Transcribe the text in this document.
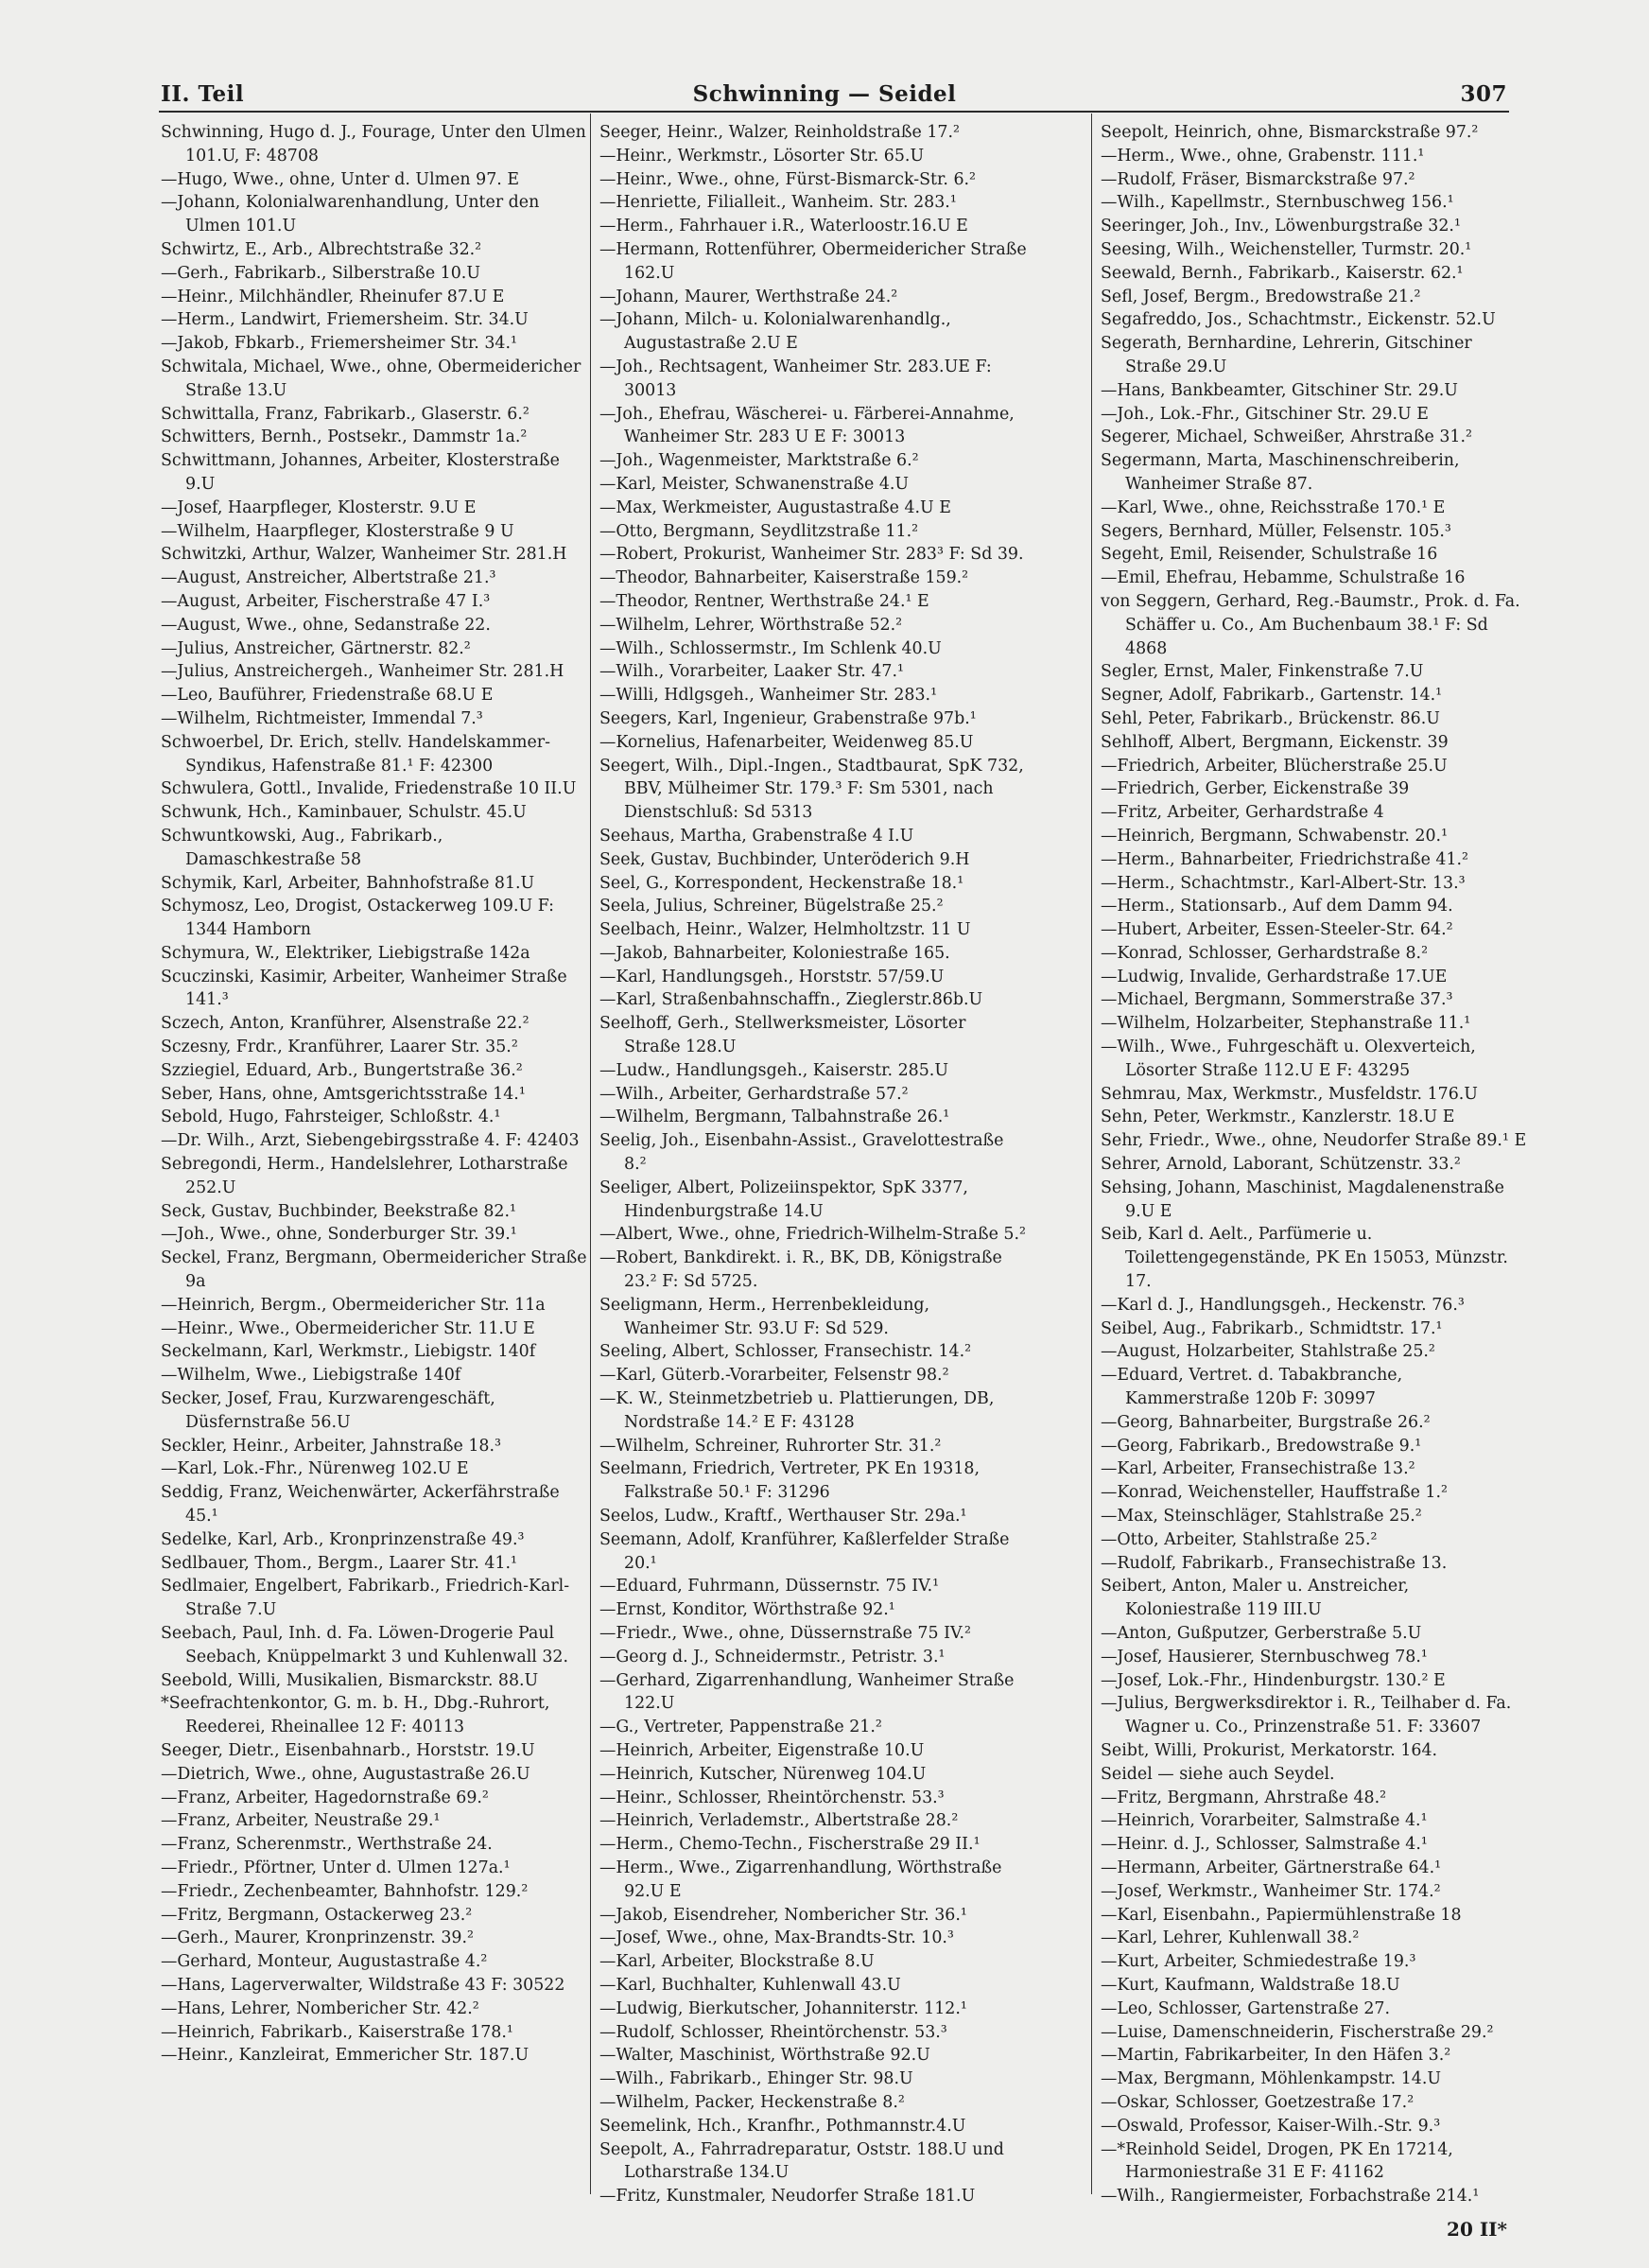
II. Teil	Schwinning — Seidel	307
Schwinning, Hugo d. J., Fourage, Unter den Ulmen 101.U, F: 48708
—Hugo, Wwe., ohne, Unter d. Ulmen 97. E
—Johann, Kolonialwarenhandlung, Unter den Ulmen 101.U
Schwirtz, E., Arb., Albrechtstraße 32.²
—Gerh., Fabrikarb., Silberstraße 10.U
—Heinr., Milchhändler, Rheinufer 87.U E
—Herm., Landwirt, Friemersheim. Str. 34.U
—Jakob, Fbkarb., Friemersheimer Str. 34.¹
Schwitala, Michael, Wwe., ohne, Obermeidericher Straße 13.U
Schwittalla, Franz, Fabrikarb., Glaserstr. 6.²
Schwitters, Bernh., Postsekr., Dammstr 1a.²
Schwittmann, Johannes, Arbeiter, Klosterstraße 9.U
—Josef, Haarpfleger, Klosterstr. 9.U E
—Wilhelm, Haarpfleger, Klosterstraße 9 U
Schwitzki, Arthur, Walzer, Wanheimer Str. 281.H
—August, Anstreicher, Albertstraße 21.³
—August, Arbeiter, Fischerstraße 47 I.³
—August, Wwe., ohne, Sedanstraße 22.
—Julius, Anstreicher, Gärtnerstr. 82.²
—Julius, Anstreichergeh., Wanheimer Str. 281.H
—Leo, Bauführer, Friedenstraße 68.U E
—Wilhelm, Richtmeister, Immendal 7.³
Schwoerbel, Dr. Erich, stellv. Handelskammer-Syndikus, Hafenstraße 81.¹ F: 42300
Schwulera, Gottl., Invalide, Friedenstraße 10 II.U
Schwunk, Hch., Kaminbauer, Schulstr. 45.U
Schwuntkowski, Aug., Fabrikarb., Damaschkestraße 58
Schymik, Karl, Arbeiter, Bahnhofstraße 81.U
Schymosz, Leo, Drogist, Ostackerweg 109.U F: 1344 Hamborn
Schymura, W., Elektriker, Liebigstraße 142a
Scuczinski, Kasimir, Arbeiter, Wanheimer Straße 141.³
Sczech, Anton, Kranführer, Alsenstraße 22.²
Sczesny, Frdr., Kranführer, Laarer Str. 35.²
Szziegiel, Eduard, Arb., Bungertstraße 36.²
Seber, Hans, ohne, Amtsgerichtsstraße 14.¹
Sebold, Hugo, Fahrsteiger, Schloßstr. 4.¹
—Dr. Wilh., Arzt, Siebengebirgsstraße 4. F: 42403
Sebregondi, Herm., Handelslehrer, Lotharstraße 252.U
Seck, Gustav, Buchbinder, Beekstraße 82.¹
—Joh., Wwe., ohne, Sonderburger Str. 39.¹
Seckel, Franz, Bergmann, Obermeidericher Straße 9a
—Heinrich, Bergm., Obermeidericher Str. 11a
—Heinr., Wwe., Obermeidericher Str. 11.U E
Seckelmann, Karl, Werkmstr., Liebigstr. 140f
—Wilhelm, Wwe., Liebigstraße 140f
Secker, Josef, Frau, Kurzwarengeschäft, Düsfernstraße 56.U
Seckler, Heinr., Arbeiter, Jahnstraße 18.³
—Karl, Lok.-Fhr., Nürenweg 102.U E
Seddig, Franz, Weichenwärter, Ackerfährstraße 45.¹
Sedelke, Karl, Arb., Kronprinzenstraße 49.³
Sedlbauer, Thom., Bergm., Laarer Str. 41.¹
Sedlmaier, Engelbert, Fabrikarb., Friedrich-Karl-Straße 7.U
Seebach, Paul, Inh. d. Fa. Löwen-Drogerie Paul Seebach, Knüppelmarkt 3 und Kuhlenwall 32.
Seebold, Willi, Musikalien, Bismarckstr. 88.U
*Seefrachtenkontor, G. m. b. H., Dbg.-Ruhrort, Reederei, Rheinallee 12 F: 40113
Seeger, Dietr., Eisenbahnarb., Horststr. 19.U
—Dietrich, Wwe., ohne, Augustastraße 26.U
—Franz, Arbeiter, Hagedornstraße 69.²
—Franz, Arbeiter, Neustraße 29.¹
—Franz, Scherenmstr., Werthstraße 24.
—Friedr., Pförtner, Unter d. Ulmen 127a.¹
—Friedr., Zechenbeamter, Bahnhofstr. 129.²
—Fritz, Bergmann, Ostackerweg 23.²
—Gerh., Maurer, Kronprinzenstr. 39.²
—Gerhard, Monteur, Augustastraße 4.²
—Hans, Lagerverwalter, Wildstraße 43 F: 30522
—Hans, Lehrer, Nombericher Str. 42.²
—Heinrich, Fabrikarb., Kaiserstraße 178.¹
—Heinr., Kanzleirat, Emmericher Str. 187.U
Seeger, Heinr., Walzer, Reinholdstraße 17.²
—Heinr., Werkmstr., Lösorter Str. 65.U
—Heinr., Wwe., ohne, Fürst-Bismarck-Str. 6.²
—Henriette, Filialleit., Wanheim. Str. 283.¹
—Herm., Fahrhauer i.R., Waterloostr.16.U E
—Hermann, Rottenführer, Obermeidericher Straße 162.U
—Johann, Maurer, Werthstraße 24.²
—Johann, Milch- u. Kolonialwarenhandlg., Augustastraße 2.U E
—Joh., Rechtsagent, Wanheimer Str. 283.UE F: 30013
—Joh., Ehefrau, Wäscherei- u. Färberei-Annahme, Wanheimer Str. 283 U E F: 30013
—Joh., Wagenmeister, Marktstraße 6.²
—Karl, Meister, Schwanenstraße 4.U
—Max, Werkmeister, Augustastraße 4.U E
—Otto, Bergmann, Seydlitzstraße 11.²
—Robert, Prokurist, Wanheimer Str. 283³ F: Sd 39.
—Theodor, Bahnarbeiter, Kaiserstraße 159.²
—Theodor, Rentner, Werthstraße 24.¹ E
—Wilhelm, Lehrer, Wörthstraße 52.²
—Wilh., Schlossermstr., Im Schlenk 40.U
—Wilh., Vorarbeiter, Laaker Str. 47.¹
—Willi, Hdlgsgeh., Wanheimer Str. 283.¹
Seegers, Karl, Ingenieur, Grabenstraße 97b.¹
—Kornelius, Hafenarbeiter, Weidenweg 85.U
Seegert, Wilh., Dipl.-Ingen., Stadtbaurat, SpK 732, BBV, Mülheimer Str. 179.³ F: Sm 5301, nach Dienstschluß: Sd 5313
Seehaus, Martha, Grabenstraße 4 I.U
Seek, Gustav, Buchbinder, Unteröderich 9.H
Seel, G., Korrespondent, Heckenstraße 18.¹
Seela, Julius, Schreiner, Bügelstraße 25.²
Seelbach, Heinr., Walzer, Helmholtzstr. 11 U
—Jakob, Bahnarbeiter, Koloniestraße 165.
—Karl, Handlungsgeh., Horststr. 57/59.U
—Karl, Straßenbahnschaffn., Zieglerstr.86b.U
Seelhoff, Gerh., Stellwerksmeister, Lösorter Straße 128.U
—Ludw., Handlungsgeh., Kaiserstr. 285.U
—Wilh., Arbeiter, Gerhardstraße 57.²
—Wilhelm, Bergmann, Talbahnstraße 26.¹
Seelig, Joh., Eisenbahn-Assist., Gravelottestraße 8.²
Seeliger, Albert, Polizeiinspektor, SpK 3377, Hindenburgstraße 14.U
—Albert, Wwe., ohne, Friedrich-Wilhelm-Straße 5.²
—Robert, Bankdirekt. i. R., BK, DB, Königstraße 23.² F: Sd 5725.
Seeligmann, Herm., Herrenbekleidung, Wanheimer Str. 93.U F: Sd 529.
Seeling, Albert, Schlosser, Fransechistr. 14.²
—Karl, Güterb.-Vorarbeiter, Felsenstr 98.²
—K. W., Steinmetzbetrieb u. Plattierungen, DB, Nordstraße 14.² E F: 43128
—Wilhelm, Schreiner, Ruhrorter Str. 31.²
Seelmann, Friedrich, Vertreter, PK En 19318, Falkstraße 50.¹ F: 31296
Seelos, Ludw., Kraftf., Werthauser Str. 29a.¹
Seemann, Adolf, Kranführer, Kaßlerfelder Straße 20.¹
—Eduard, Fuhrmann, Düssernstr. 75 IV.¹
—Ernst, Konditor, Wörthstraße 92.¹
—Friedr., Wwe., ohne, Düssernstraße 75 IV.²
—Georg d. J., Schneidermstr., Petristr. 3.¹
—Gerhard, Zigarrenhandlung, Wanheimer Straße 122.U
—G., Vertreter, Pappenstraße 21.²
—Heinrich, Arbeiter, Eigenstraße 10.U
—Heinrich, Kutscher, Nürenweg 104.U
—Heinr., Schlosser, Rheintörchenstr. 53.³
—Heinrich, Verlademstr., Albertstraße 28.²
—Herm., Chemo-Techn., Fischerstraße 29 II.¹
—Herm., Wwe., Zigarrenhandlung, Wörthstraße 92.U E
—Jakob, Eisendreher, Nombericher Str. 36.¹
—Josef, Wwe., ohne, Max-Brandts-Str. 10.³
—Karl, Arbeiter, Blockstraße 8.U
—Karl, Buchhalter, Kuhlenwall 43.U
—Ludwig, Bierkutscher, Johanniterstr. 112.¹
—Rudolf, Schlosser, Rheintörchenstr. 53.³
—Walter, Maschinist, Wörthstraße 92.U
—Wilh., Fabrikarb., Ehinger Str. 98.U
—Wilhelm, Packer, Heckenstraße 8.²
Seemelink, Hch., Kranfhr., Pothmannstr.4.U
Seepolt, A., Fahrradreparatur, Oststr. 188.U und Lotharstraße 134.U
—Fritz, Kunstmaler, Neudorfer Straße 181.U
Seepolt, Heinrich, ohne, Bismarckstraße 97.²
—Herm., Wwe., ohne, Grabenstr. 111.¹
—Rudolf, Fräser, Bismarckstraße 97.²
—Wilh., Kapellmstr., Sternbuschweg 156.¹
Seeringer, Joh., Inv., Löwenburgstraße 32.¹
Seesing, Wilh., Weichensteller, Turmstr. 20.¹
Seewald, Bernh., Fabrikarb., Kaiserstr. 62.¹
Sefl, Josef, Bergm., Bredowstraße 21.²
Segafreddo, Jos., Schachtmstr., Eickenstr. 52.U
Segerath, Bernhardine, Lehrerin, Gitschiner Straße 29.U
—Hans, Bankbeamter, Gitschiner Str. 29.U
—Joh., Lok.-Fhr., Gitschiner Str. 29.U E
Segerer, Michael, Schweißer, Ahrstraße 31.²
Segermann, Marta, Maschinenschreiberin, Wanheimer Straße 87.
—Karl, Wwe., ohne, Reichsstraße 170.¹ E
Segers, Bernhard, Müller, Felsenstr. 105.³
Segeht, Emil, Reisender, Schulstraße 16
—Emil, Ehefrau, Hebamme, Schulstraße 16
von Seggern, Gerhard, Reg.-Baumstr., Prok. d. Fa. Schäffer u. Co., Am Buchenbaum 38.¹ F: Sd 4868
Segler, Ernst, Maler, Finkenstraße 7.U
Segner, Adolf, Fabrikarb., Gartenstr. 14.¹
Sehl, Peter, Fabrikarb., Brückenstr. 86.U
Sehlhoff, Albert, Bergmann, Eickenstr. 39
—Friedrich, Arbeiter, Blücherstraße 25.U
—Friedrich, Gerber, Eickenstraße 39
—Fritz, Arbeiter, Gerhardstraße 4
—Heinrich, Bergmann, Schwabenstr. 20.¹
—Herm., Bahnarbeiter, Friedrichstraße 41.²
—Herm., Schachtmstr., Karl-Albert-Str. 13.³
—Herm., Stationsarb., Auf dem Damm 94.
—Hubert, Arbeiter, Essen-Steeler-Str. 64.²
—Konrad, Schlosser, Gerhardstraße 8.²
—Ludwig, Invalide, Gerhardstraße 17.UE
—Michael, Bergmann, Sommerstraße 37.³
—Wilhelm, Holzarbeiter, Stephanstraße 11.¹
—Wilh., Wwe., Fuhrgeschäft u. Olexverteich, Lösorter Straße 112.U E F: 43295
Sehmrau, Max, Werkmstr., Musfeldstr. 176.U
Sehn, Peter, Werkmstr., Kanzlerstr. 18.U E
Sehr, Friedr., Wwe., ohne, Neudorfer Straße 89.¹ E
Sehrer, Arnold, Laborant, Schützenstr. 33.²
Sehsing, Johann, Maschinist, Magdalenenstraße 9.U E
Seib, Karl d. Aelt., Parfümerie u. Toilettengegenstände, PK En 15053, Münzstr. 17.
—Karl d. J., Handlungsgeh., Heckenstr. 76.³
Seibel, Aug., Fabrikarb., Schmidtstr. 17.¹
—August, Holzarbeiter, Stahlstraße 25.²
—Eduard, Vertret. d. Tabakbranche, Kammerstraße 120b F: 30997
—Georg, Bahnarbeiter, Burgstraße 26.²
—Georg, Fabrikarb., Bredowstraße 9.¹
—Karl, Arbeiter, Fransechistraße 13.²
—Konrad, Weichensteller, Hauffstraße 1.²
—Max, Steinschläger, Stahlstraße 25.²
—Otto, Arbeiter, Stahlstraße 25.²
—Rudolf, Fabrikarb., Fransechistraße 13.
Seibert, Anton, Maler u. Anstreicher, Koloniestraße 119 III.U
—Anton, Gußputzer, Gerberstraße 5.U
—Josef, Hausierer, Sternbuschweg 78.¹
—Josef, Lok.-Fhr., Hindenburgstr. 130.² E
—Julius, Bergwerksdirektor i. R., Teilhaber d. Fa. Wagner u. Co., Prinzenstraße 51. F: 33607
Seibt, Willi, Prokurist, Merkatorstr. 164.
Seidel — siehe auch Seydel.
—Fritz, Bergmann, Ahrstraße 48.²
—Heinrich, Vorarbeiter, Salmstraße 4.¹
—Heinr. d. J., Schlosser, Salmstraße 4.¹
—Hermann, Arbeiter, Gärtnerstraße 64.¹
—Josef, Werkmstr., Wanheimer Str. 174.²
—Karl, Eisenbahn., Papiermühlenstraße 18
—Karl, Lehrer, Kuhlenwall 38.²
—Kurt, Arbeiter, Schmiedestraße 19.³
—Kurt, Kaufmann, Waldstraße 18.U
—Leo, Schlosser, Gartenstraße 27.
—Luise, Damenschneiderin, Fischerstraße 29.²
—Martin, Fabrikarbeiter, In den Häfen 3.²
—Max, Bergmann, Möhlenkampstr. 14.U
—Oskar, Schlosser, Goetzestraße 17.²
—Oswald, Professor, Kaiser-Wilh.-Str. 9.³
—*Reinhold Seidel, Drogen, PK En 17214, Harmoniestraße 31 E F: 41162
—Wilh., Rangiermeister, Forbachstraße 214.¹
20 II*
